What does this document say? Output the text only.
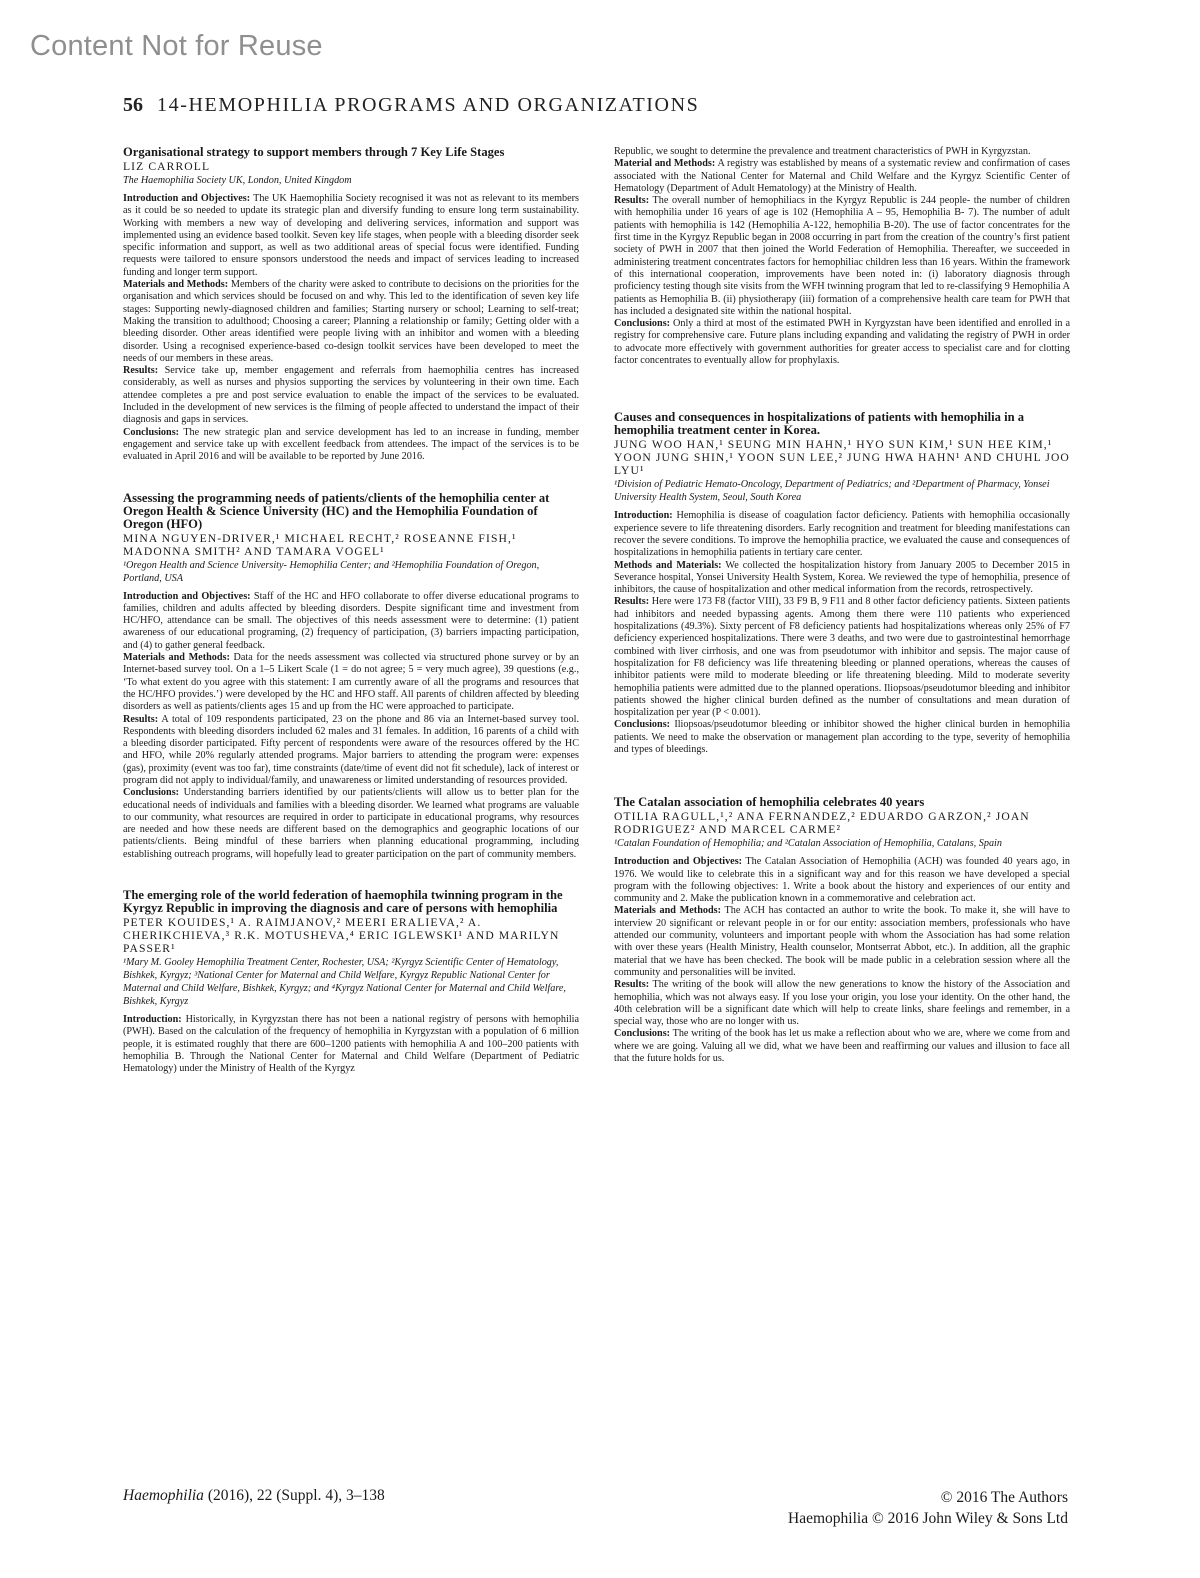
Content Not for Reuse
56 14-HEMOPHILIA PROGRAMS AND ORGANIZATIONS

Organisational strategy to support members through 7 Key Life Stages

LIZ CARROLL

The Haemophilia Society UK, London, United Kingdom

Introduction and Objectives: The UK Haemophilia Society recognised it was not as relevant to its members as it could be so needed to update its strategic plan and diversify funding to ensure long term sustainability. Working with members a new way of developing and delivering services, information and support was implemented using an evidence based toolkit. Seven key life stages, when people with a bleeding disorder seek specific information and support, as well as two additional areas of special focus were identified. Funding requests were tailored to ensure sponsors understood the needs and impact of services leading to increased funding and longer term support.

Materials and Methods: Members of the charity were asked to contribute to decisions on the priorities for the organisation and which services should be focused on and why. This led to the identification of seven key life stages: Supporting newly-diagnosed children and families; Starting nursery or school; Learning to self-treat; Making the transition to adulthood; Choosing a career; Planning a relationship or family; Getting older with a bleeding disorder. Other areas identified were people living with an inhibitor and women with a bleeding disorder. Using a recognised experience-based co-design toolkit services have been developed to meet the needs of our members in these areas.

Results: Service take up, member engagement and referrals from haemophilia centres has increased considerably, as well as nurses and physios supporting the services by volunteering in their own time. Each attendee completes a pre and post service evaluation to enable the impact of the services to be evaluated. Included in the development of new services is the filming of people affected to understand the impact of their diagnosis and gaps in services.

Conclusions: The new strategic plan and service development has led to an increase in funding, member engagement and service take up with excellent feedback from attendees. The impact of the services is to be evaluated in April 2016 and will be available to be reported by June 2016.

Assessing the programming needs of patients/clients of the hemophilia center at Oregon Health & Science University (HC) and the Hemophilia Foundation of Oregon (HFO)

MINA NGUYEN-DRIVER,¹ MICHAEL RECHT,² ROSEANNE FISH,¹ MADONNA SMITH² AND TAMARA VOGEL¹

¹Oregon Health and Science University- Hemophilia Center; and ²Hemophilia Foundation of Oregon, Portland, USA

Introduction and Objectives: Staff of the HC and HFO collaborate to offer diverse educational programs to families, children and adults affected by bleeding disorders. Despite significant time and investment from HC/HFO, attendance can be small. The objectives of this needs assessment were to determine: (1) patient awareness of our educational programing, (2) frequency of participation, (3) barriers impacting participation, and (4) to gather general feedback.

Materials and Methods: Data for the needs assessment was collected via structured phone survey or by an Internet-based survey tool. On a 1–5 Likert Scale (1 = do not agree; 5 = very much agree), 39 questions (e.g., ‘To what extent do you agree with this statement: I am currently aware of all the programs and resources that the HC/HFO provides.’) were developed by the HC and HFO staff. All parents of children affected by bleeding disorders as well as patients/clients ages 15 and up from the HC were approached to participate.

Results: A total of 109 respondents participated, 23 on the phone and 86 via an Internet-based survey tool. Respondents with bleeding disorders included 62 males and 31 females. In addition, 16 parents of a child with a bleeding disorder participated. Fifty percent of respondents were aware of the resources offered by the HC and HFO, while 20% regularly attended programs. Major barriers to attending the program were: expenses (gas), proximity (event was too far), time constraints (date/time of event did not fit schedule), lack of interest or program did not apply to individual/family, and unawareness or limited understanding of resources provided.

Conclusions: Understanding barriers identified by our patients/clients will allow us to better plan for the educational needs of individuals and families with a bleeding disorder. We learned what programs are valuable to our community, what resources are required in order to participate in educational programs, why resources are needed and how these needs are different based on the demographics and geographic locations of our patients/clients. Being mindful of these barriers when planning educational programming, including establishing outreach programs, will hopefully lead to greater participation on the part of community members.

The emerging role of the world federation of haemophila twinning program in the Kyrgyz Republic in improving the diagnosis and care of persons with hemophilia

PETER KOUIDES,¹ A. RAIMJANOV,² MEERI ERALIEVA,² A. CHERIKCHIEVA,³ R.K. MOTUSHEVA,⁴ ERIC IGLEWSKI¹ AND MARILYN PASSER¹

¹Mary M. Gooley Hemophilia Treatment Center, Rochester, USA; ²Kyrgyz Scientific Center of Hematology, Bishkek, Kyrgyz; ³National Center for Maternal and Child Welfare, Kyrgyz Republic National Center for Maternal and Child Welfare, Bishkek, Kyrgyz; and ⁴Kyrgyz National Center for Maternal and Child Welfare, Bishkek, Kyrgyz

Introduction: Historically, in Kyrgyzstan there has not been a national registry of persons with hemophilia (PWH). Based on the calculation of the frequency of hemophilia in Kyrgyzstan with a population of 6 million people, it is estimated roughly that there are 600–1200 patients with hemophilia A and 100–200 patients with hemophilia B. Through the National Center for Maternal and Child Welfare (Department of Pediatric Hematology) under the Ministry of Health of the Kyrgyz

Republic, we sought to determine the prevalence and treatment characteristics of PWH in Kyrgyzstan.

Material and Methods: A registry was established by means of a systematic review and confirmation of cases associated with the National Center for Maternal and Child Welfare and the Kyrgyz Scientific Center of Hematology (Department of Adult Hematology) at the Ministry of Health.

Results: The overall number of hemophiliacs in the Kyrgyz Republic is 244 people- the number of children with hemophilia under 16 years of age is 102 (Hemophilia A – 95, Hemophilia B- 7). The number of adult patients with hemophilia is 142 (Hemophilia A-122, hemophilia B-20). The use of factor concentrates for the first time in the Kyrgyz Republic began in 2008 occurring in part from the creation of the country’s first patient society of PWH in 2007 that then joined the World Federation of Hemophilia. Thereafter, we succeeded in administering treatment concentrates factors for hemophiliac children less than 16 years. Within the framework of this international cooperation, improvements have been noted in: (i) laboratory diagnosis through proficiency testing though site visits from the WFH twinning program that led to re-classifying 9 Hemophilia A patients as Hemophilia B. (ii) physiotherapy (iii) formation of a comprehensive health care team for PWH that has included a designated site within the national hospital.

Conclusions: Only a third at most of the estimated PWH in Kyrgyzstan have been identified and enrolled in a registry for comprehensive care. Future plans including expanding and validating the registry of PWH in order to advocate more effectively with government authorities for greater access to specialist care and for clotting factor concentrates to eventually allow for prophylaxis.

Causes and consequences in hospitalizations of patients with hemophilia in a hemophilia treatment center in Korea.

JUNG WOO HAN,¹ SEUNG MIN HAHN,¹ HYO SUN KIM,¹ SUN HEE KIM,¹ YOON JUNG SHIN,¹ YOON SUN LEE,² JUNG HWA HAHN¹ AND CHUHL JOO LYU¹

¹Division of Pediatric Hemato-Oncology, Department of Pediatrics; and ²Department of Pharmacy, Yonsei University Health System, Seoul, South Korea

Introduction: Hemophilia is disease of coagulation factor deficiency. Patients with hemophilia occasionally experience severe to life threatening disorders. Early recognition and treatment for bleeding manifestations can recover the severe conditions. To improve the hemophilia practice, we evaluated the cause and consequences of hospitalizations in hemophilia patients in tertiary care center.

Methods and Materials: We collected the hospitalization history from January 2005 to December 2015 in Severance hospital, Yonsei University Health System, Korea. We reviewed the type of hemophilia, presence of inhibitors, the cause of hospitalization and other medical information from the records, retrospectively.

Results: Here were 173 F8 (factor VIII), 33 F9 B, 9 F11 and 8 other factor deficiency patients. Sixteen patients had inhibitors and needed bypassing agents. Among them there were 110 patients who experienced hospitalizations (49.3%). Sixty percent of F8 deficiency patients had hospitalizations whereas only 25% of F7 deficiency experienced hospitalizations. There were 3 deaths, and two were due to gastrointestinal hemorrhage combined with liver cirrhosis, and one was from pseudotumor with inhibitor and sepsis. The major cause of hospitalization for F8 deficiency was life threatening bleeding or planned operations, whereas the causes of inhibitor patients were mild to moderate bleeding or life threatening bleeding. Mild to moderate severity hemophilia patients were admitted due to the planned operations. Iliopsoas/pseudotumor bleeding and inhibitor patients showed the higher clinical burden defined as the number of consultations and mean duration of hospitalization per year (P < 0.001).

Conclusions: Iliopsoas/pseudotumor bleeding or inhibitor showed the higher clinical burden in hemophilia patients. We need to make the observation or management plan according to the type, severity of hemophilia and types of bleedings.

The Catalan association of hemophilia celebrates 40 years

OTILIA RAGULL,¹,² ANA FERNANDEZ,² EDUARDO GARZON,² JOAN RODRIGUEZ² AND MARCEL CARME²

¹Catalan Foundation of Hemophilia; and ²Catalan Association of Hemophilia, Catalans, Spain

Introduction and Objectives: The Catalan Association of Hemophilia (ACH) was founded 40 years ago, in 1976. We would like to celebrate this in a significant way and for this reason we have developed a special program with the following objectives: 1. Write a book about the history and experiences of our entity and community and 2. Make the publication known in a commemorative and celebration act.

Materials and Methods: The ACH has contacted an author to write the book. To make it, she will have to interview 20 significant or relevant people in or for our entity: association members, professionals who have attended our community, volunteers and important people with whom the Association has had some relation with over these years (Health Ministry, Health counselor, Montserrat Abbot, etc.). In addition, all the graphic material that we have has been checked. The book will be made public in a celebration session where all the community and personalities will be invited.

Results: The writing of the book will allow the new generations to know the history of the Association and hemophilia, which was not always easy. If you lose your origin, you lose your identity. On the other hand, the 40th celebration will be a significant date which will help to create links, share feelings and remember, in a special way, those who are no longer with us.

Conclusions: The writing of the book has let us make a reflection about who we are, where we come from and where we are going. Valuing all we did, what we have been and reaffirming our values and illusion to face all that the future holds for us.

Haemophilia (2016), 22 (Suppl. 4), 3–138	© 2016 The Authors
Haemophilia © 2016 John Wiley & Sons Ltd
